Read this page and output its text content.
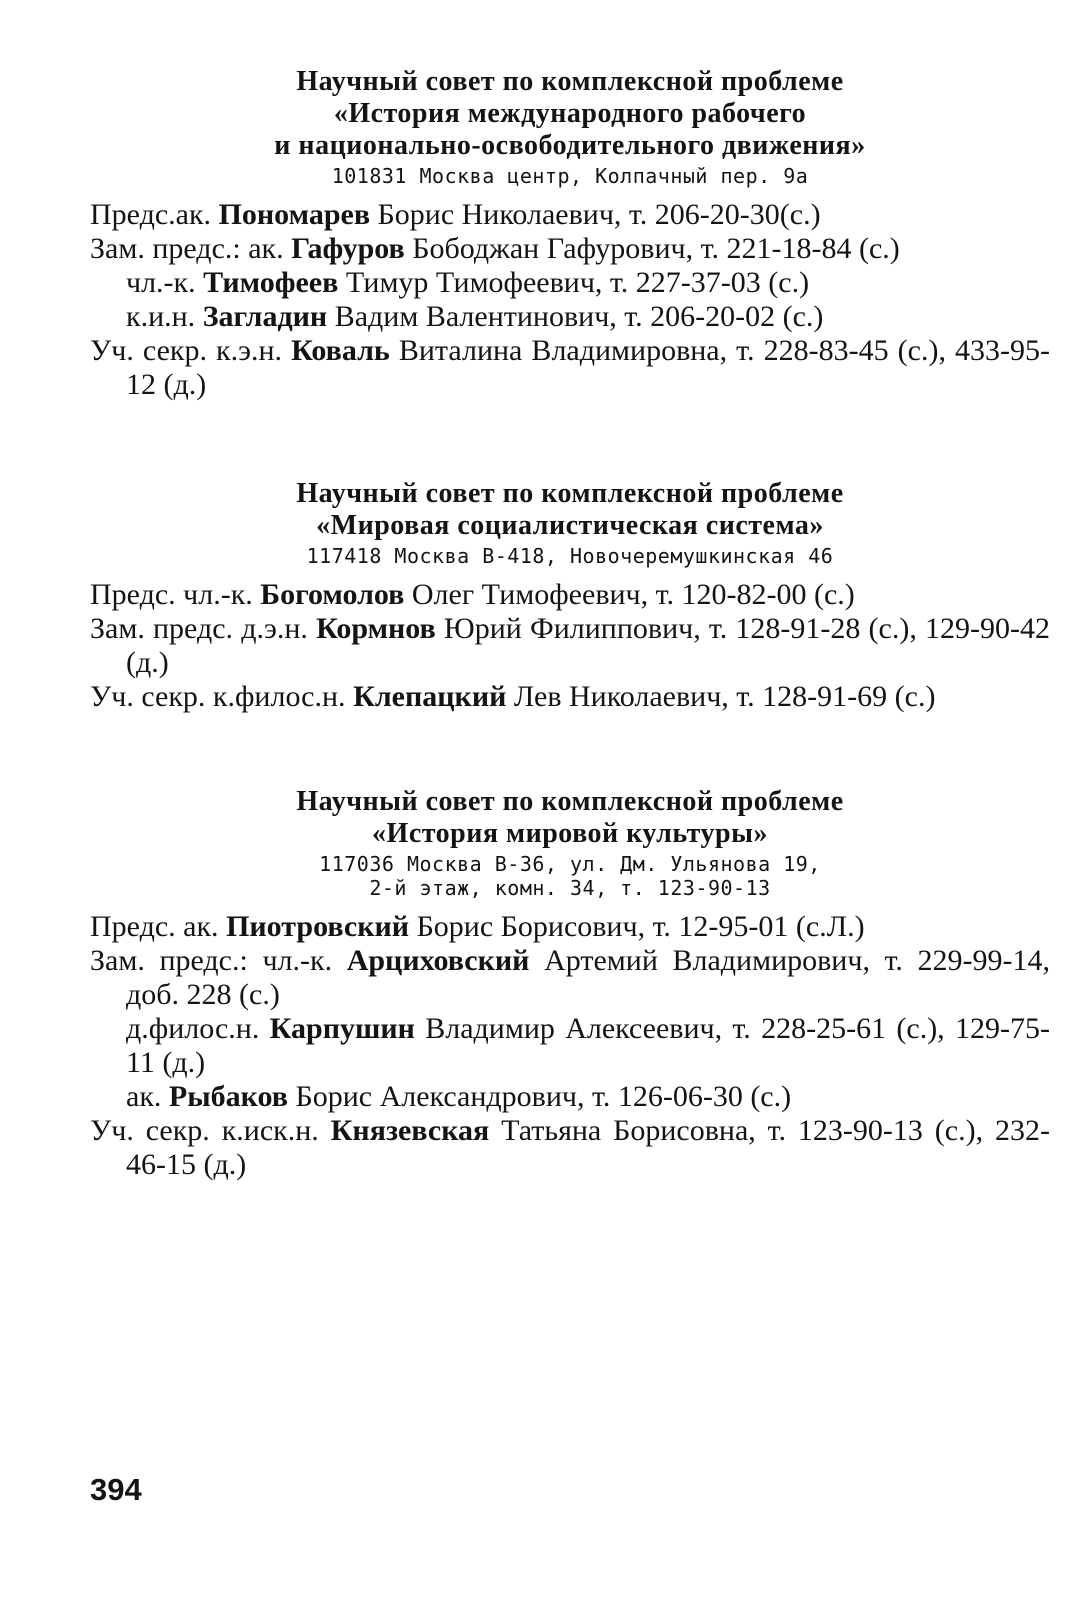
Научный совет по комплексной проблеме
«История международного рабочего
и национально-освободительного движения»
101831 Москва центр, Колпачный пер. 9а
Предс.ак. Пономарев Борис Николаевич, т. 206-20-30(с.)
Зам. предс.: ак. Гафуров Бободжан Гафурович, т. 221-18-84 (с.)
чл.-к. Тимофеев Тимур Тимофеевич, т. 227-37-03 (с.)
к.и.н. Загладин Вадим Валентинович, т. 206-20-02 (с.)
Уч. секр. к.э.н. Коваль Виталина Владимировна, т. 228-83-45 (с.), 433-95-12 (д.)
Научный совет по комплексной проблеме
«Мировая социалистическая система»
117418 Москва В-418, Новочеремушкинская 46
Предс. чл.-к. Богомолов Олег Тимофеевич, т. 120-82-00 (с.)
Зам. предс. д.э.н. Кормнов Юрий Филиппович, т. 128-91-28 (с.), 129-90-42 (д.)
Уч. секр. к.филос.н. Клепацкий Лев Николаевич, т. 128-91-69 (с.)
Научный совет по комплексной проблеме
«История мировой культуры»
117036 Москва В-36, ул. Дм. Ульянова 19,
2-й этаж, комн. 34, т. 123-90-13
Предс. ак. Пиотровский Борис Борисович, т. 12-95-01 (с.Л.)
Зам. предс.: чл.-к. Арциховский Артемий Владимирович, т. 229-99-14, доб. 228 (с.)
д.филос.н. Карпушин Владимир Алексеевич, т. 228-25-61 (с.), 129-75-11 (д.)
ак. Рыбаков Борис Александрович, т. 126-06-30 (с.)
Уч. секр. к.иск.н. Князевская Татьяна Борисовна, т. 123-90-13 (с.), 232-46-15 (д.)
394
